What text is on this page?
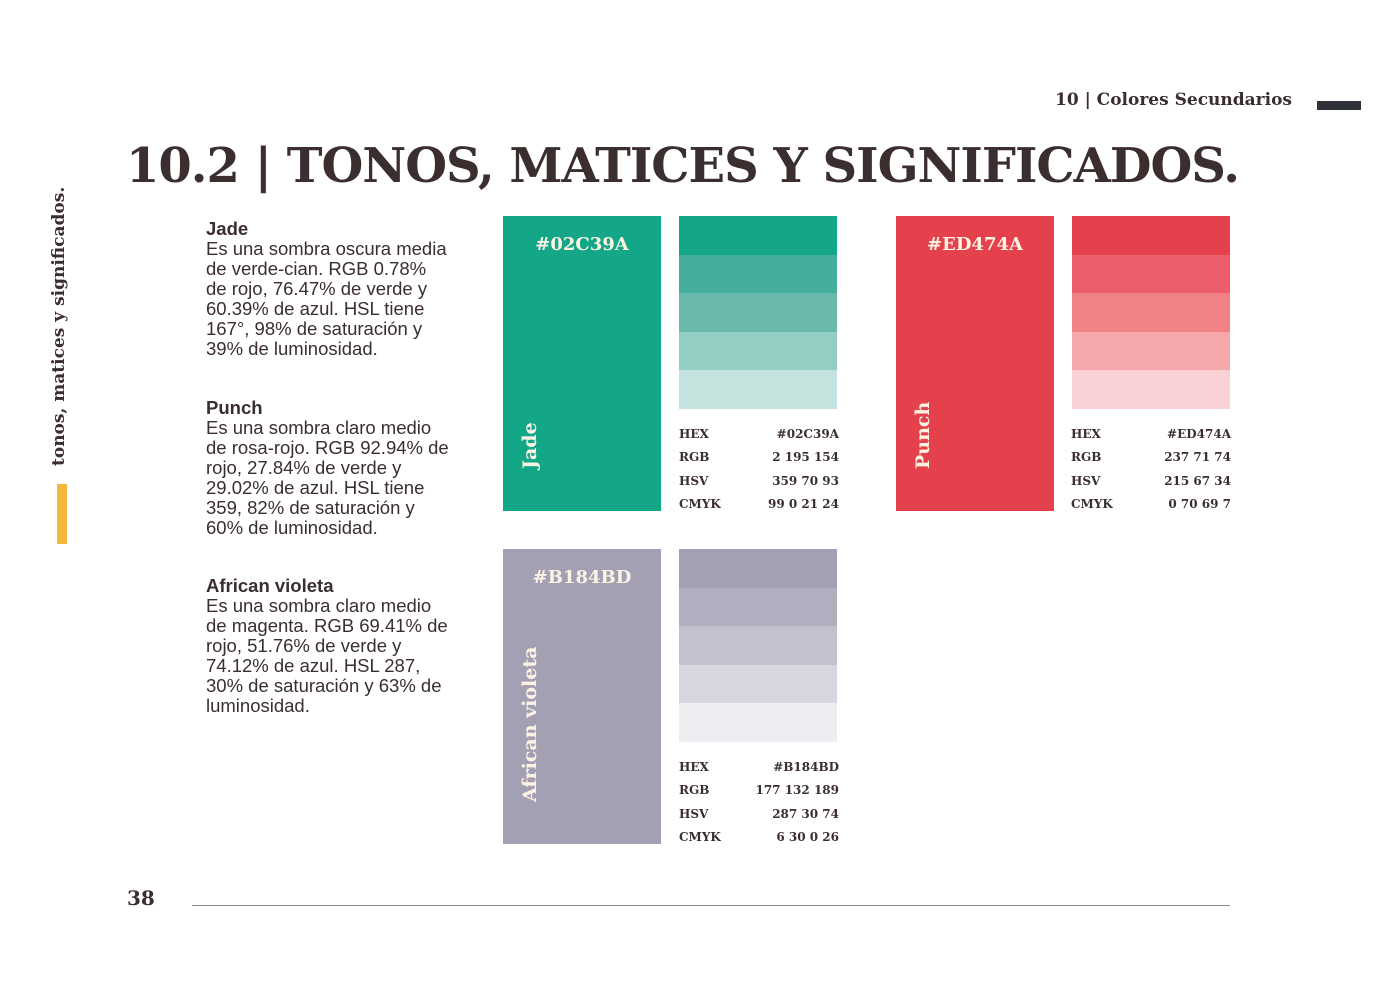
10 | Colores Secundarios
10.2 | TONOS, MATICES Y SIGNIFICADOS.
tonos, matices y significados.	Jade
Es una sombra oscura media de verde-cian. RGB 0.78% de rojo, 76.47% de verde y 60.39% de azul. HSL tiene 167°, 98% de saturación y 39% de luminosidad.
Punch
Es una sombra claro medio de rosa-rojo. RGB 92.94% de rojo, 27.84% de verde y 29.02% de azul. HSL tiene 359, 82% de saturación y 60% de luminosidad.
African violeta
Es una sombra claro medio de magenta. RGB 69.41% de rojo, 51.76% de verde y 74.12% de azul. HSL 287, 30% de saturación y 63% de luminosidad.
#02C39A
Jade	HEX	#02C39A
RGB	2 195 154
HSV	359 70 93
CMYK	99 0 21 24
#ED474A
Punch	HEX	#ED474A
RGB	237 71 74
HSV	215 67 34
CMYK	0 70 69 7
#B184BD
African violeta	HEX	#B184BD
RGB	177 132 189
HSV	287 30 74
CMYK	6 30 0 26
38
